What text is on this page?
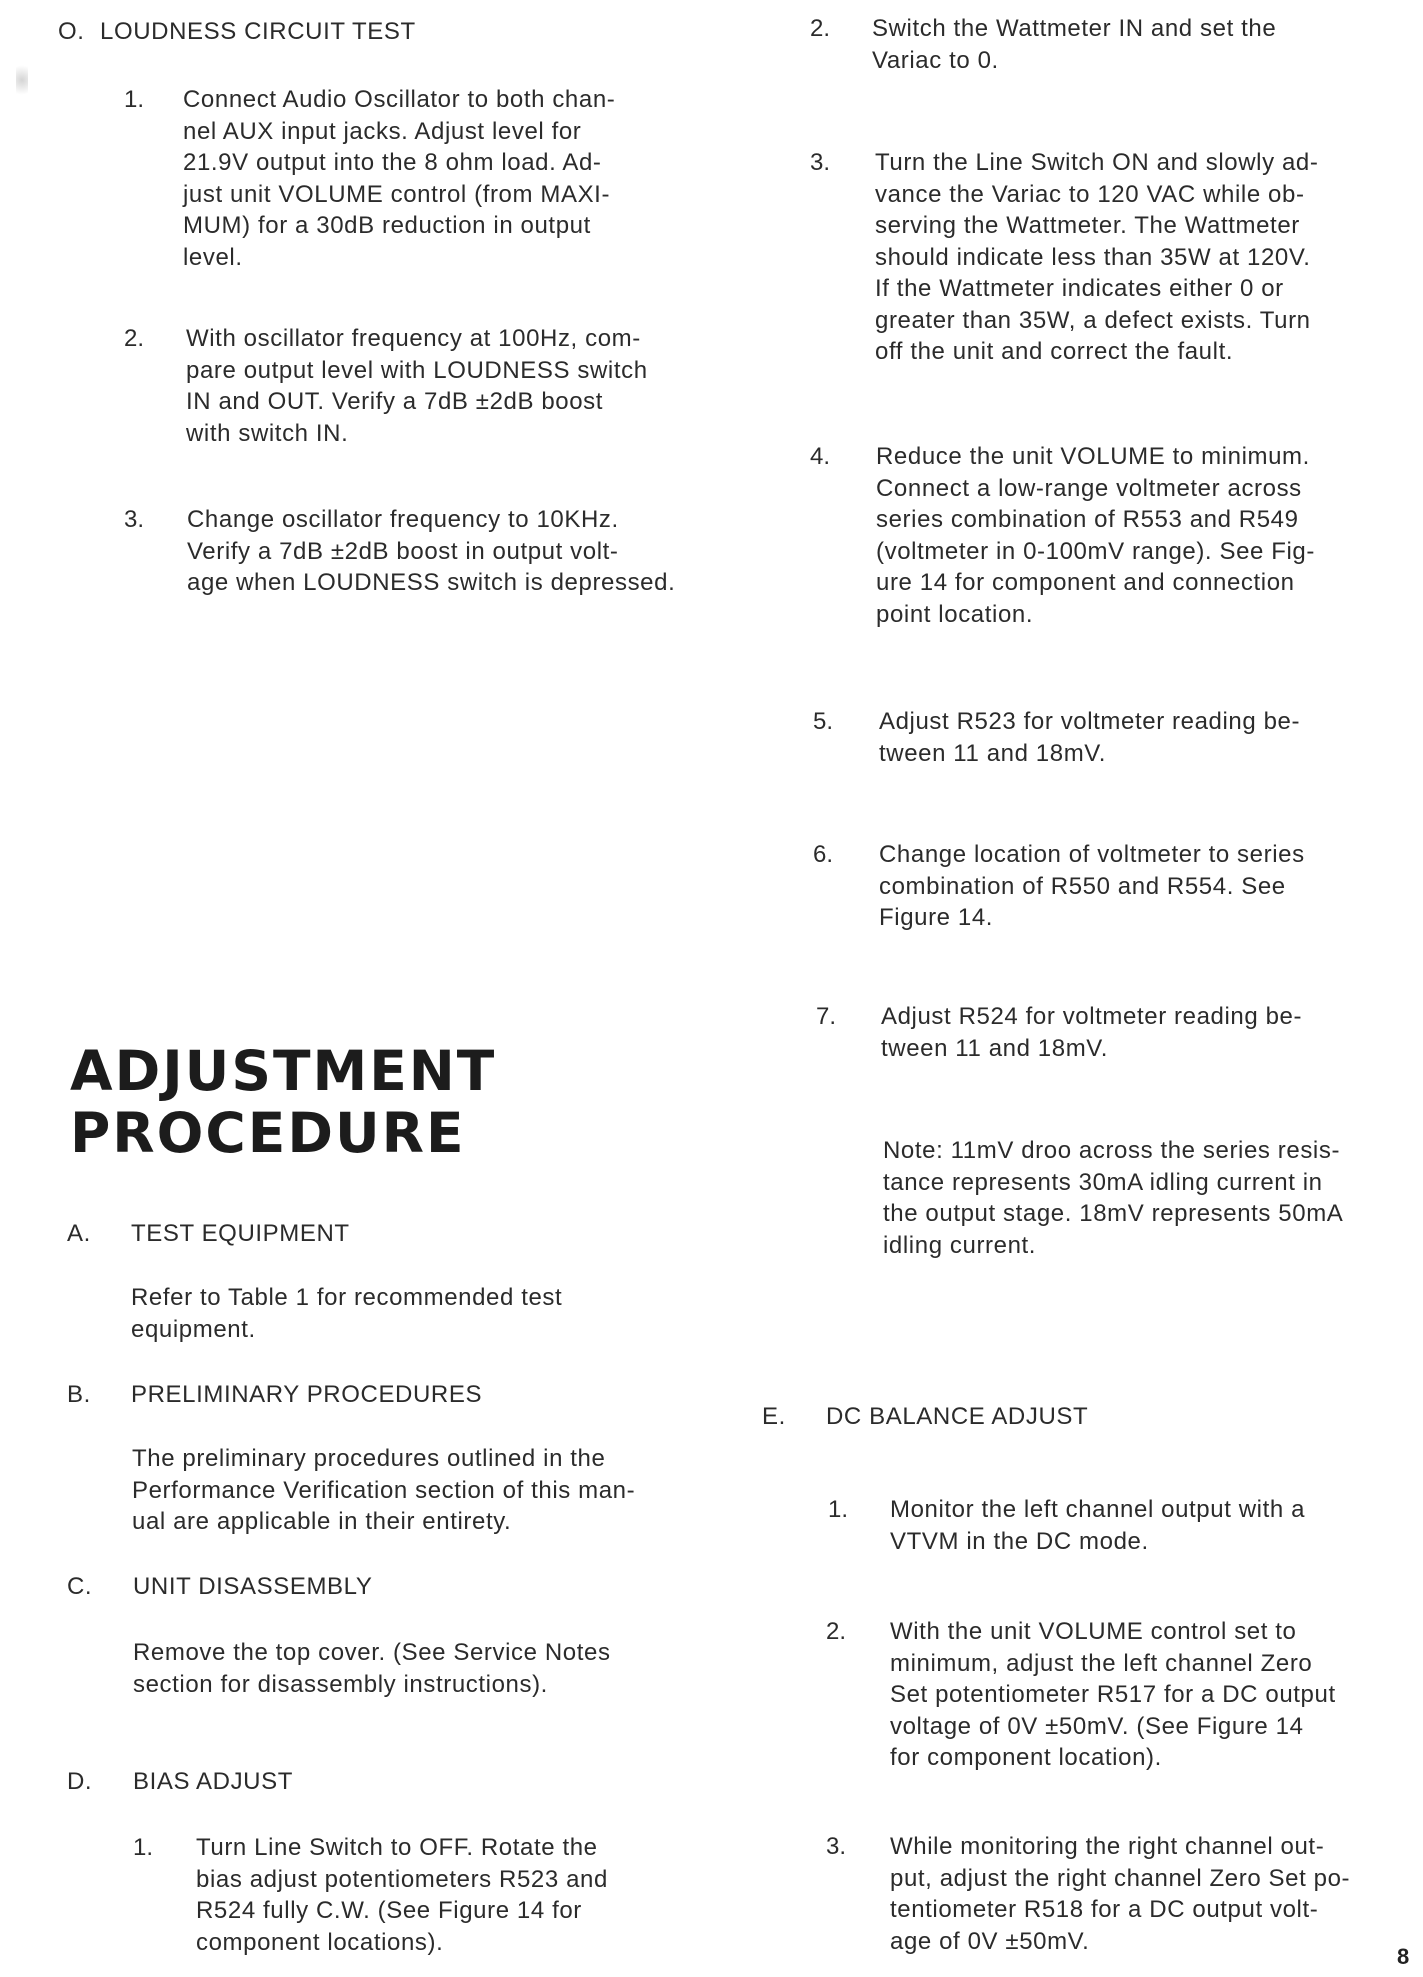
O. LOUDNESS CIRCUIT TEST
1. Connect Audio Oscillator to both chan-
nel AUX input jacks. Adjust level for
21.9V output into the 8 ohm load. Ad-
just unit VOLUME control (from MAXI-
MUM) for a 30dB reduction in output
level.
2. With oscillator frequency at 100Hz, com-
pare output level with LOUDNESS switch
IN and OUT. Verify a 7dB ±2dB boost
with switch IN.
3. Change oscillator frequency to 10KHz.
Verify a 7dB ±2dB boost in output volt-
age when LOUDNESS switch is depressed.
ADJUSTMENT
PROCEDURE
A. TEST EQUIPMENT
Refer to Table 1 for recommended test
equipment.
B. PRELIMINARY PROCEDURES
The preliminary procedures outlined in the
Performance Verification section of this man-
ual are applicable in their entirety.
C. UNIT DISASSEMBLY
Remove the top cover. (See Service Notes
section for disassembly instructions).
D. BIAS ADJUST
1. Turn Line Switch to OFF. Rotate the
bias adjust potentiometers R523 and
R524 fully C.W. (See Figure 14 for
component locations).
2. Switch the Wattmeter IN and set the
Variac to 0.
3. Turn the Line Switch ON and slowly ad-
vance the Variac to 120 VAC while ob-
serving the Wattmeter. The Wattmeter
should indicate less than 35W at 120V.
If the Wattmeter indicates either 0 or
greater than 35W, a defect exists. Turn
off the unit and correct the fault.
4. Reduce the unit VOLUME to minimum.
Connect a low-range voltmeter across
series combination of R553 and R549
(voltmeter in 0-100mV range). See Fig-
ure 14 for component and connection
point location.
5. Adjust R523 for voltmeter reading be-
tween 11 and 18mV.
6. Change location of voltmeter to series
combination of R550 and R554. See
Figure 14.
7. Adjust R524 for voltmeter reading be-
tween 11 and 18mV.
Note: 11mV droo across the series resis-
tance represents 30mA idling current in
the output stage. 18mV represents 50mA
idling current.
E. DC BALANCE ADJUST
1. Monitor the left channel output with a
VTVM in the DC mode.
2. With the unit VOLUME control set to
minimum, adjust the left channel Zero
Set potentiometer R517 for a DC output
voltage of 0V ±50mV. (See Figure 14
for component location).
3. While monitoring the right channel out-
put, adjust the right channel Zero Set po-
tentiometer R518 for a DC output volt-
age of 0V ±50mV.
8
